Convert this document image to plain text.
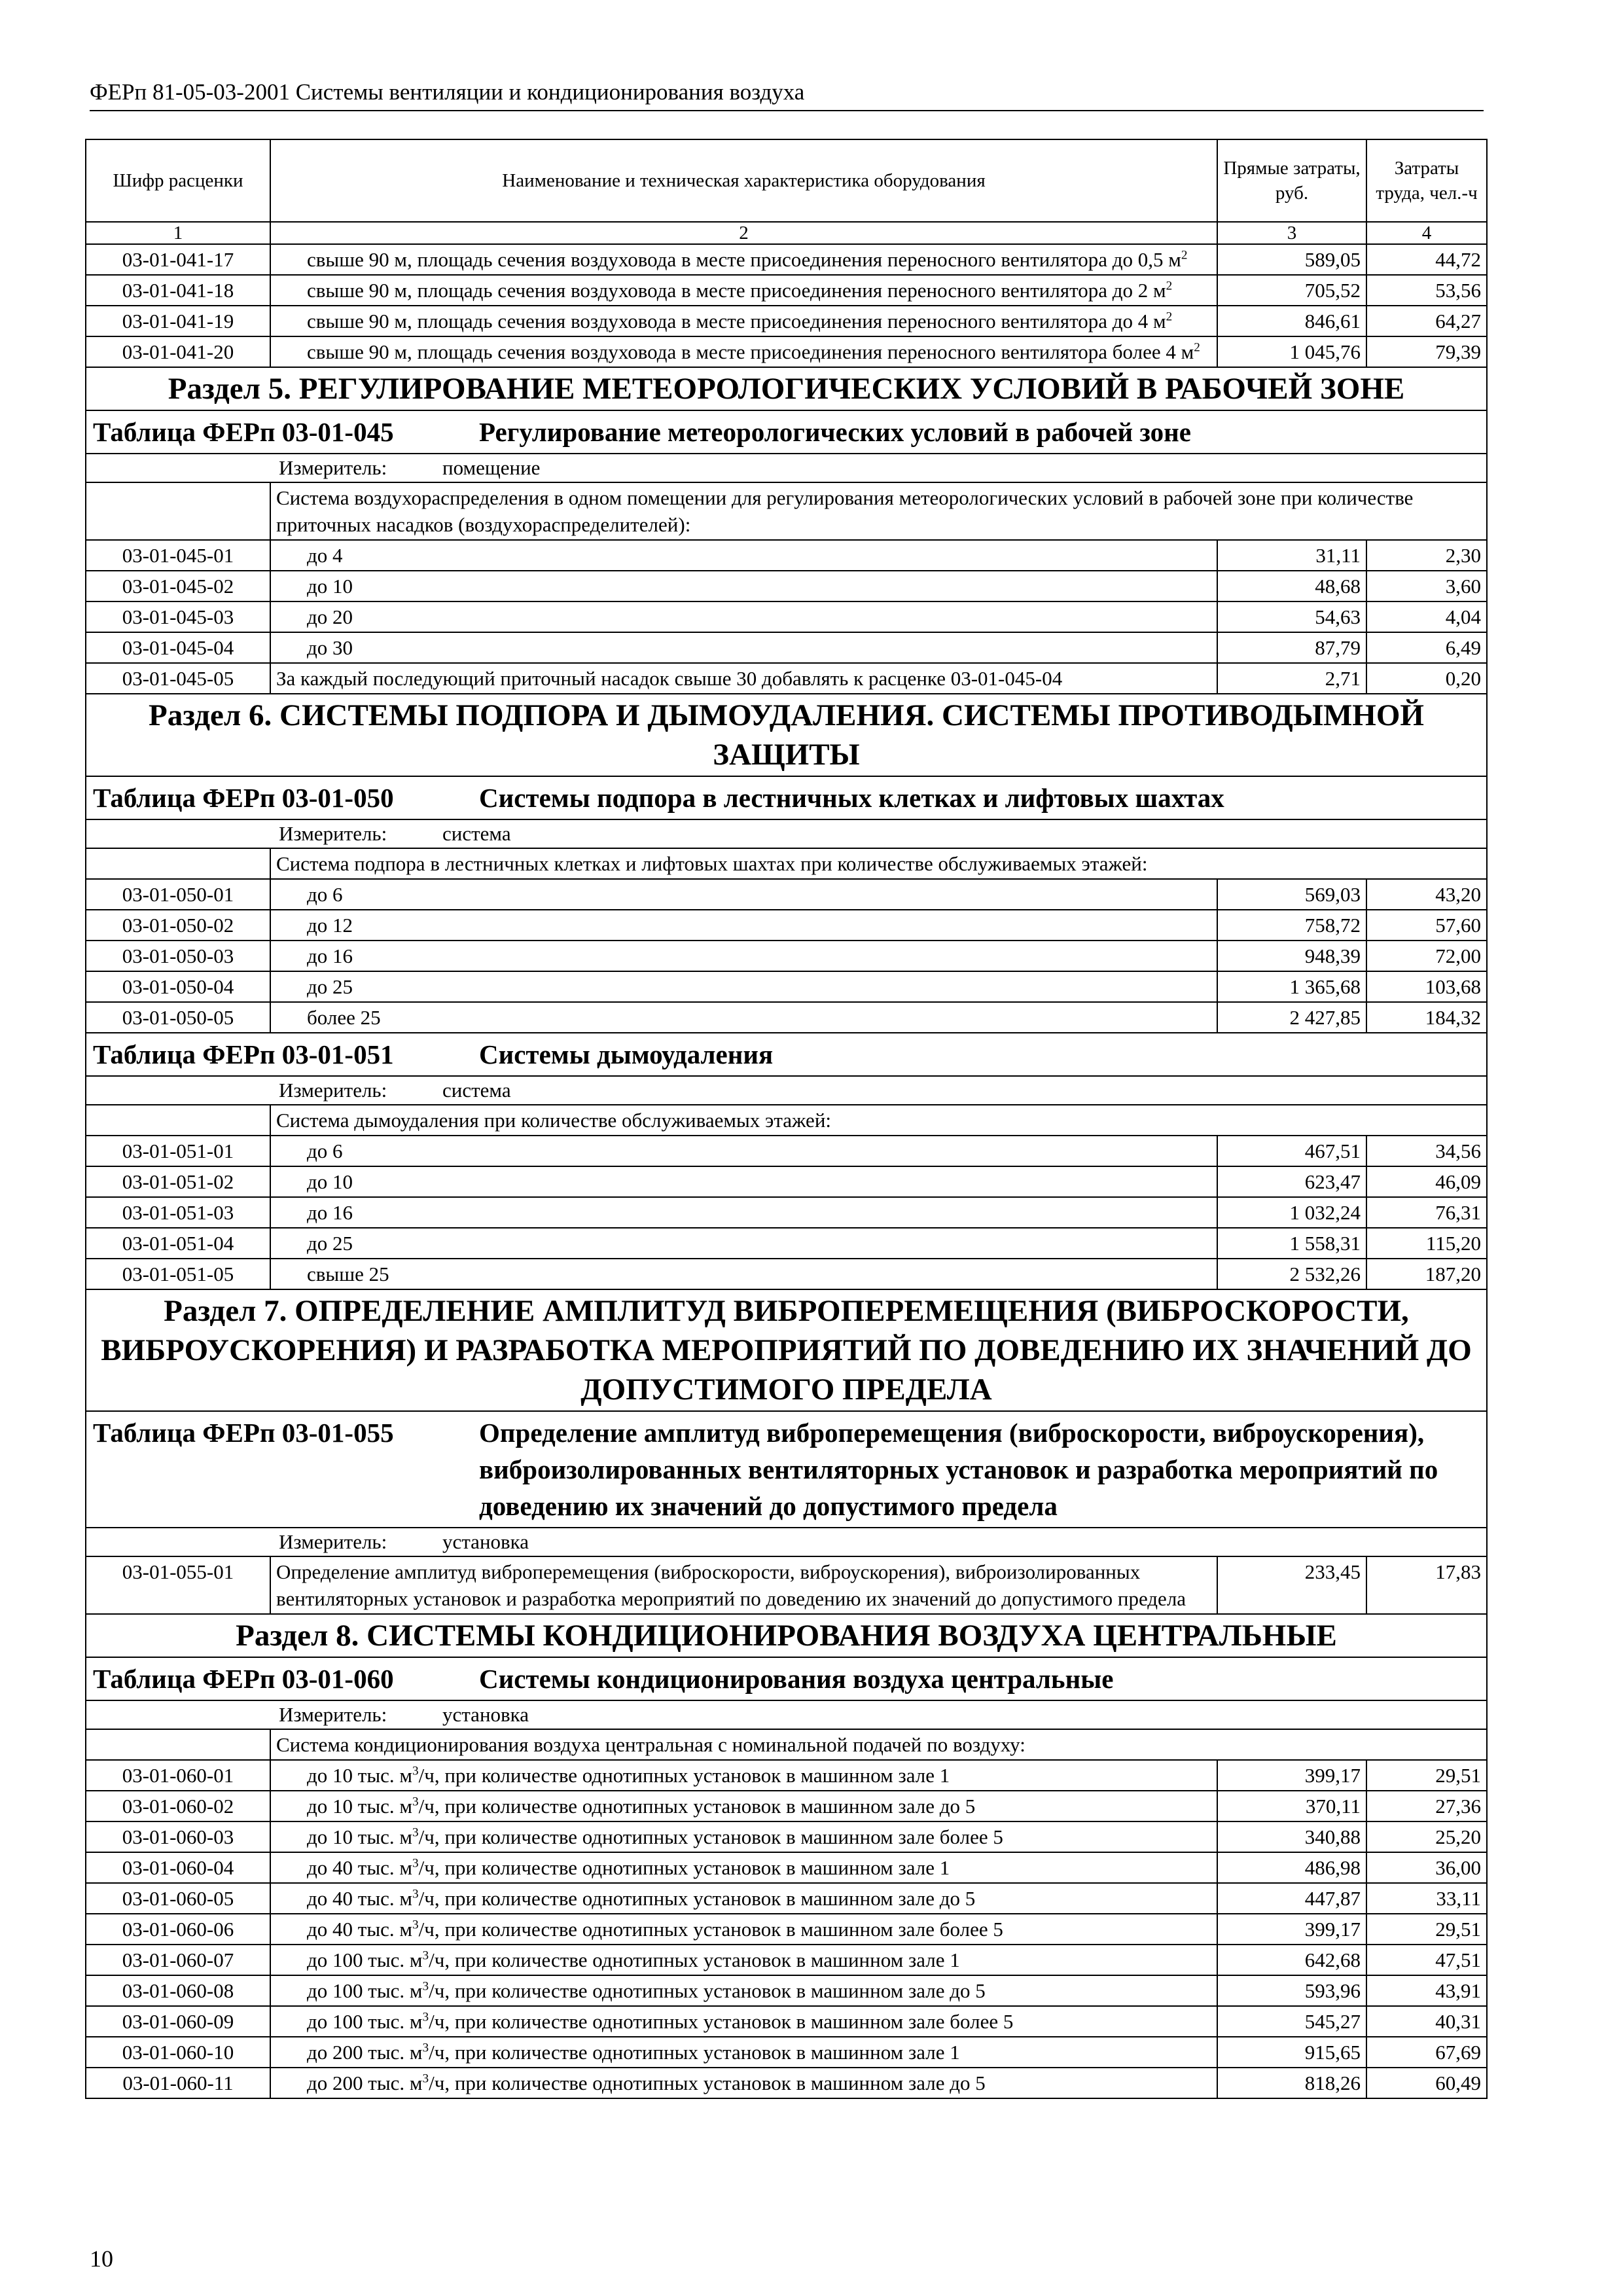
ФЕРп 81-05-03-2001 Системы вентиляции и кондиционирования воздуха
Шифр расценки	Наименование и техническая характеристика оборудования	Прямые затраты, руб.	Затраты труда, чел.-ч
1	2	3	4
03-01-041-17	свыше 90 м, площадь сечения воздуховода в месте присоединения переносного вентилятора до 0,5 $м^2$	589,05	44,72
03-01-041-18	свыше 90 м, площадь сечения воздуховода в месте присоединения переносного вентилятора до 2 $м^2$	705,52	53,56
03-01-041-19	свыше 90 м, площадь сечения воздуховода в месте присоединения переносного вентилятора до 4 $м^2$	846,61	64,27
03-01-041-20	свыше 90 м, площадь сечения воздуховода в месте присоединения переносного вентилятора более 4 $м^2$	1 045,76	79,39
Раздел 5. РЕГУЛИРОВАНИЕ МЕТЕОРОЛОГИЧЕСКИХ УСЛОВИЙ В РАБОЧЕЙ ЗОНЕ			
Таблица ФЕРп 03-01-045 Регулирование метеорологических условий в рабочей зоне			
Измеритель: помещение			
	Система воздухораспределения в одном помещении для регулирования метеорологических условий в рабочей зоне при количестве приточных насадков (воздухораспределителей):		
03-01-045-01	до 4	31,11	2,30
03-01-045-02	до 10	48,68	3,60
03-01-045-03	до 20	54,63	4,04
03-01-045-04	до 30	87,79	6,49
03-01-045-05	За каждый последующий приточный насадок свыше 30 добавлять к расценке 03-01-045-04	2,71	0,20
Раздел 6. СИСТЕМЫ ПОДПОРА И ДЫМОУДАЛЕНИЯ. СИСТЕМЫ ПРОТИВОДЫМНОЙ ЗАЩИТЫ			
Таблица ФЕРп 03-01-050 Системы подпора в лестничных клетках и лифтовых шахтах			
Измеритель: система			
	Система подпора в лестничных клетках и лифтовых шахтах при количестве обслуживаемых этажей:		
03-01-050-01	до 6	569,03	43,20
03-01-050-02	до 12	758,72	57,60
03-01-050-03	до 16	948,39	72,00
03-01-050-04	до 25	1 365,68	103,68
03-01-050-05	более 25	2 427,85	184,32
Таблица ФЕРп 03-01-051 Системы дымоудаления			
Измеритель: система			
	Система дымоудаления при количестве обслуживаемых этажей:		
03-01-051-01	до 6	467,51	34,56
03-01-051-02	до 10	623,47	46,09
03-01-051-03	до 16	1 032,24	76,31
03-01-051-04	до 25	1 558,31	115,20
03-01-051-05	свыше 25	2 532,26	187,20
Раздел 7. ОПРЕДЕЛЕНИЕ АМПЛИТУД ВИБРОПЕРЕМЕЩЕНИЯ (ВИБРОСКОРОСТИ, ВИБРОУСКОРЕНИЯ) И РАЗРАБОТКА МЕРОПРИЯТИЙ ПО ДОВЕДЕНИЮ ИХ ЗНАЧЕНИЙ ДО ДОПУСТИМОГО ПРЕДЕЛА			
Таблица ФЕРп 03-01-055 Определение амплитуд виброперемещения (виброскорости, виброускорения), виброизолированных вентиляторных установок и разработка мероприятий по доведению их значений до допустимого предела			
Измеритель: установка			
03-01-055-01	Определение амплитуд виброперемещения (виброскорости, виброускорения), виброизолированных вентиляторных установок и разработка мероприятий по доведению их значений до допустимого предела	233,45	17,83
Раздел 8. СИСТЕМЫ КОНДИЦИОНИРОВАНИЯ ВОЗДУХА ЦЕНТРАЛЬНЫЕ			
Таблица ФЕРп 03-01-060 Системы кондиционирования воздуха центральные			
Измеритель: установка			
	Система кондиционирования воздуха центральная с номинальной подачей по воздуху:		
03-01-060-01	до 10 тыс. $м^3/ч$, при количестве однотипных установок в машинном зале 1	399,17	29,51
03-01-060-02	до 10 тыс. $м^3/ч$, при количестве однотипных установок в машинном зале до 5	370,11	27,36
03-01-060-03	до 10 тыс. $м^3/ч$, при количестве однотипных установок в машинном зале более 5	340,88	25,20
03-01-060-04	до 40 тыс. $м^3/ч$, при количестве однотипных установок в машинном зале 1	486,98	36,00
03-01-060-05	до 40 тыс. $м^3/ч$, при количестве однотипных установок в машинном зале до 5	447,87	33,11
03-01-060-06	до 40 тыс. $м^3/ч$, при количестве однотипных установок в машинном зале более 5	399,17	29,51
03-01-060-07	до 100 тыс. $м^3/ч$, при количестве однотипных установок в машинном зале 1	642,68	47,51
03-01-060-08	до 100 тыс. $м^3/ч$, при количестве однотипных установок в машинном зале до 5	593,96	43,91
03-01-060-09	до 100 тыс. $м^3/ч$, при количестве однотипных установок в машинном зале более 5	545,27	40,31
03-01-060-10	до 200 тыс. $м^3/ч$, при количестве однотипных установок в машинном зале 1	915,65	67,69
03-01-060-11	до 200 тыс. $м^3/ч$, при количестве однотипных установок в машинном зале до 5	818,26	60,49
10
